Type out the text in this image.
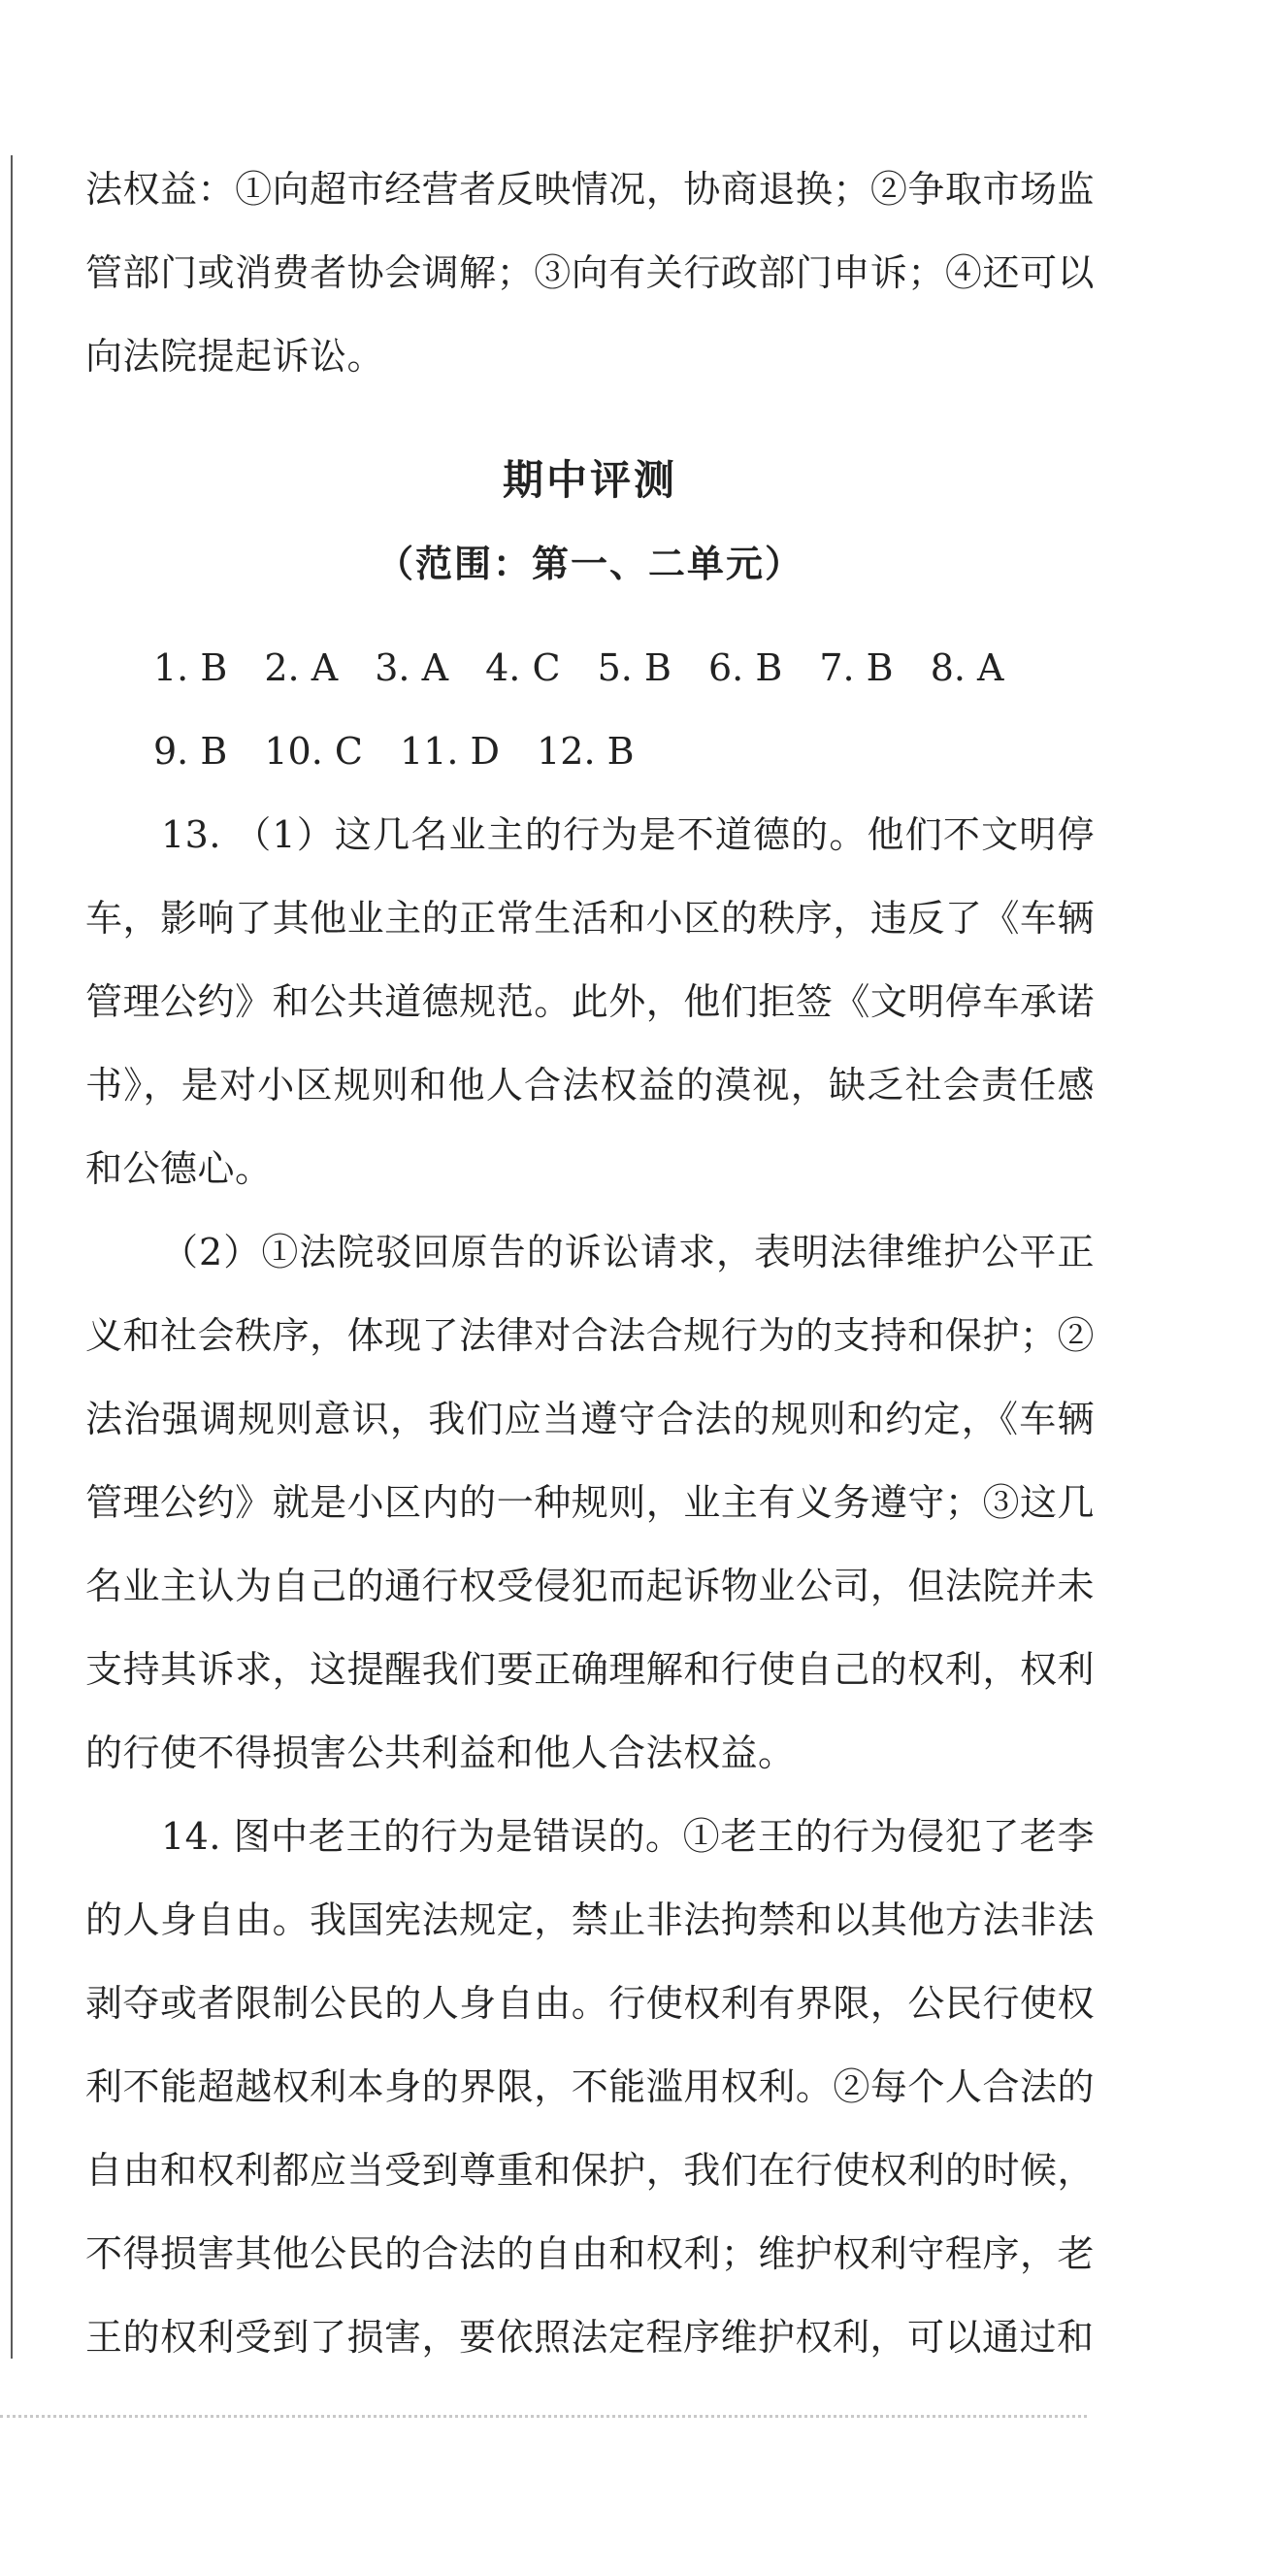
法权益：①向超市经营者反映情况，协商退换；②争取市场监管部门或消费者协会调解；③向有关行政部门申诉；④还可以向法院提起诉讼。

期中评测
（范围：第一、二单元）

1. B 2. A 3. A 4. C 5. B 6. B 7. B 8. A

9. B 10. C 11. D 12. B

13. （1）这几名业主的行为是不道德的。他们不文明停车，影响了其他业主的正常生活和小区的秩序，违反了《车辆管理公约》和公共道德规范。此外，他们拒签《文明停车承诺书》，是对小区规则和他人合法权益的漠视，缺乏社会责任感和公德心。

（2）①法院驳回原告的诉讼请求，表明法律维护公平正义和社会秩序，体现了法律对合法合规行为的支持和保护；②法治强调规则意识，我们应当遵守合法的规则和约定，《车辆管理公约》就是小区内的一种规则，业主有义务遵守；③这几名业主认为自己的通行权受侵犯而起诉物业公司，但法院并未支持其诉求，这提醒我们要正确理解和行使自己的权利，权利的行使不得损害公共利益和他人合法权益。

14. 图中老王的行为是错误的。①老王的行为侵犯了老李的人身自由。我国宪法规定，禁止非法拘禁和以其他方法非法剥夺或者限制公民的人身自由。行使权利有界限，公民行使权利不能超越权利本身的界限，不能滥用权利。②每个人合法的自由和权利都应当受到尊重和保护，我们在行使权利的时候，不得损害其他公民的合法的自由和权利；维护权利守程序，老王的权利受到了损害，要依照法定程序维护权利，可以通过和
